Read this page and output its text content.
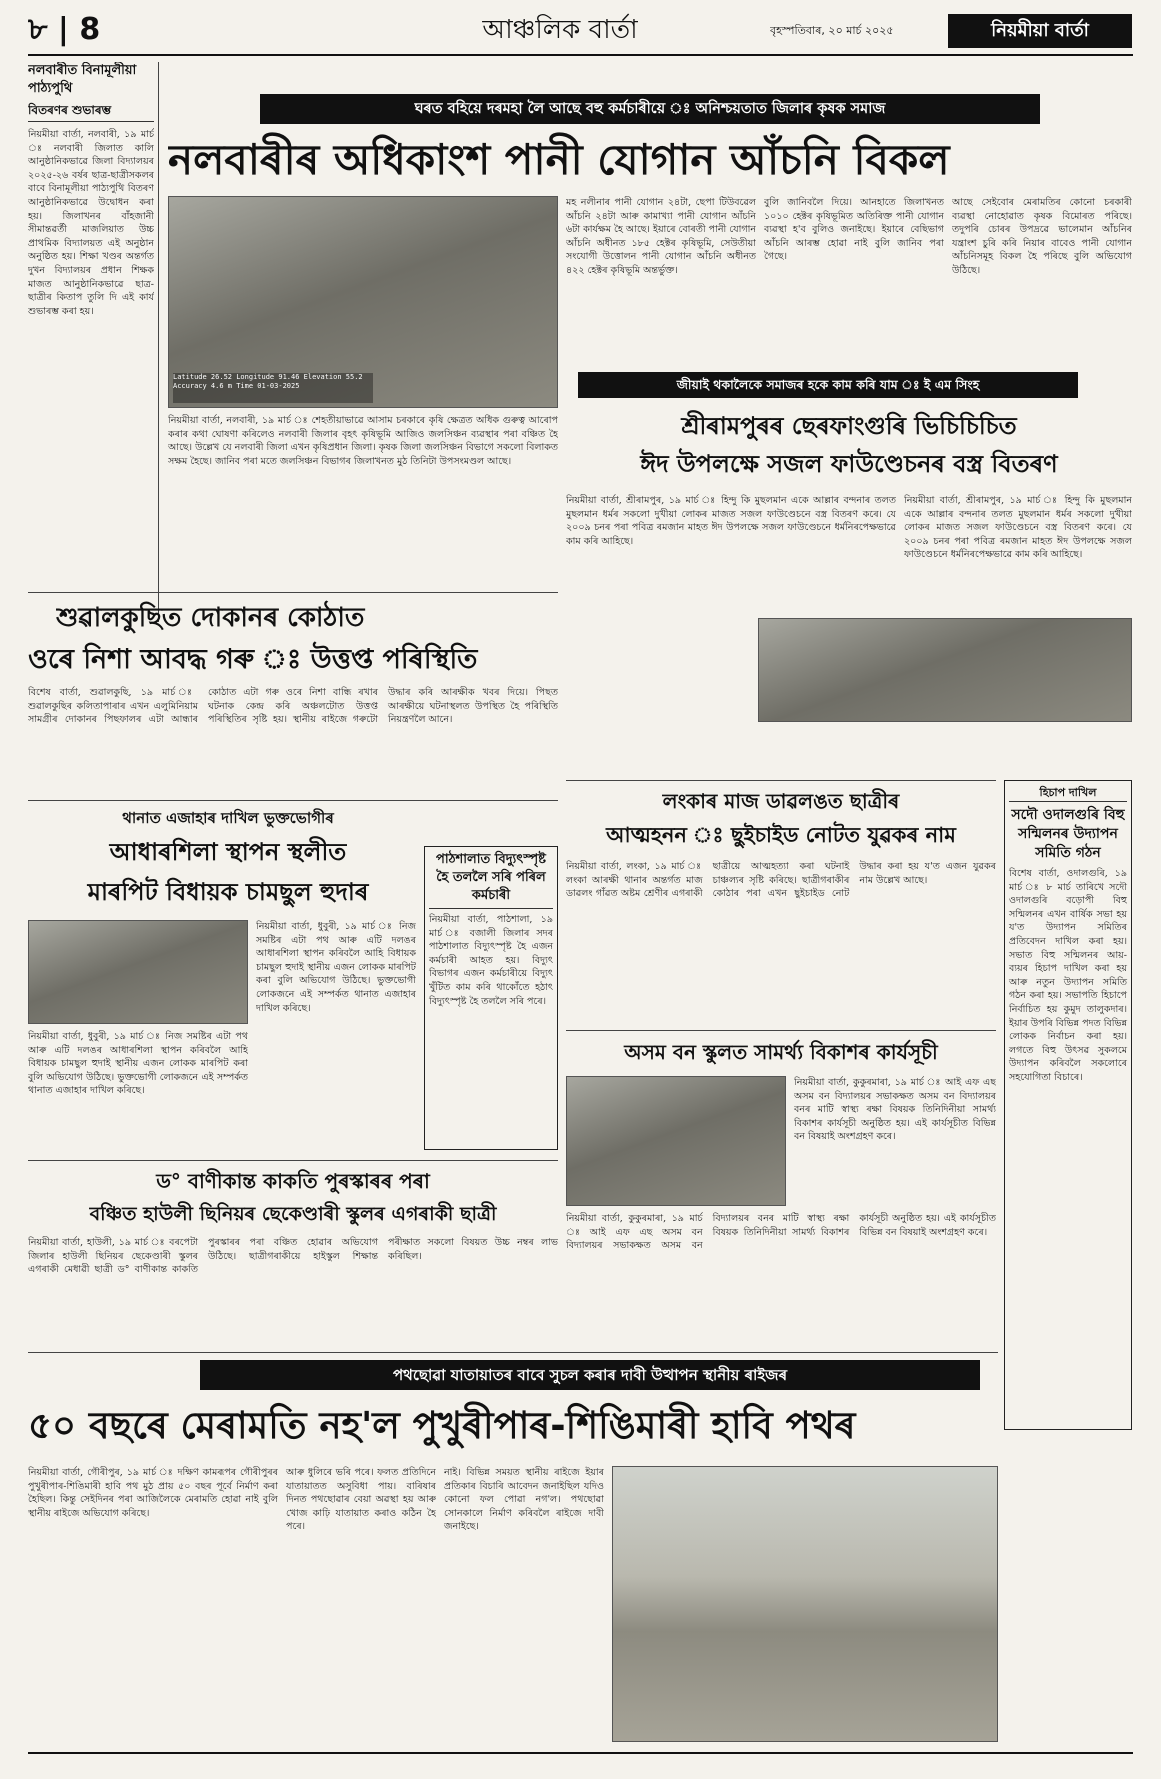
৮ | 8	আঞ্চলিক বাৰ্তা	বৃহস্পতিবাৰ, ২০ মাৰ্চ ২০২৫	নিয়মীয়া বাৰ্তা
ঘৰত বহিয়ে দৰমহা লৈ আছে বহু কৰ্মচাৰীয়ে ঃ অনিশ্চয়তাত জিলাৰ কৃষক সমাজ
নলবাৰীত বিনামূলীয়া পাঠ্যপুথি
বিতৰণৰ শুভাৰম্ভ
নিয়মীয়া বাৰ্তা, নলবাৰী, ১৯ মাৰ্চ ঃ নলবাৰী জিলাত কালি আনুষ্ঠানিকভাৱে জিলা বিদ্যালয়ৰ ২০২৫-২৬ বৰ্ষৰ ছাত্ৰ-ছাত্ৰীসকলৰ বাবে বিনামূলীয়া পাঠ্যপুথি বিতৰণ আনুষ্ঠানিকভাৱে উদ্বোধন কৰা হয়। জিলাখনৰ বাঁহজানী সীমান্তৱৰ্তী মাজলিয়াত উচ্চ প্ৰাথমিক বিদ্যালয়ত এই অনুষ্ঠান অনুষ্ঠিত হয়। শিক্ষা খণ্ডৰ অন্তৰ্গত দুখন বিদ্যালয়ৰ প্ৰধান শিক্ষক মাজত আনুষ্ঠানিকভাৱে ছাত্ৰ-ছাত্ৰীৰ কিতাপ তুলি দি এই কাৰ্য শুভাৰম্ভ কৰা হয়।
নলবাৰীৰ অধিকাংশ পানী যোগান আঁচনি বিকল
Latitude 26.52 Longitude 91.46 Elevation 55.2 Accuracy 4.6 m Time 01-03-2025
নিয়মীয়া বাৰ্তা, নলবাৰী, ১৯ মাৰ্চ ঃ শেহতীয়াভাৱে আসাম চৰকাৰে কৃষি ক্ষেত্ৰত অধিক গুৰুত্ব আৰোপ কৰাৰ কথা ঘোষণা কৰিলেও নলবাৰী জিলাৰ বৃহৎ কৃষিভূমি আজিও জলসিঞ্চন ব্যৱস্থাৰ পৰা বঞ্চিত হৈ আছে। উল্লেখ যে নলবাৰী জিলা এখন কৃষিপ্ৰধান জিলা। কৃষক জিলা জলসিঞ্চন বিভাগে সকলো বিলাকত সক্ষম হৈছে। জানিব পৰা মতে জলসিঞ্চন বিভাগৰ জিলাখনত মুঠ তিনিটা উপসংমণ্ডল আছে।
মহ নলীনাৰ পানী যোগান ২৪টা, ছেপা টিউবৱেল আঁচনি ২৪টা আৰু কামাখ্যা পানী যোগান আঁচনি ৬টা কাৰ্যক্ষম হৈ আছে। ইয়াৰে বোৰতী পানী যোগান আঁচনি অধীনত ১৮৫ হেক্টৰ কৃষিভূমি, সেউতীয়া সংযোগী উত্তোলন পানী যোগান আঁচনি অধীনত ৪২২ হেক্টৰ কৃষিভূমি অন্তৰ্ভুক্ত।
বুলি জানিবলৈ দিয়ে। আনহাতে জিলাখনত ১০১০ হেক্টৰ কৃষিভূমিত অতিৰিক্ত পানী যোগান ব্যৱস্থা হ'ব বুলিও জনাইছে। ইয়াৰে বেছিভাগ আঁচনি আৰম্ভ হোৱা নাই বুলি জানিব পৰা গৈছে।
আছে সেইবোৰ মেৰামতিৰ কোনো চৰকাৰী ব্যৱস্থা নোহোৱাত কৃষক বিমোৰত পৰিছে। তদুপৰি চোৰৰ উপদ্ৰৱে ভালেমান আঁচনিৰ যন্ত্ৰাংশ চুৰি কৰি নিয়াৰ বাবেও পানী যোগান আঁচনিসমূহ বিকল হৈ পৰিছে বুলি অভিযোগ উঠিছে।
জীয়াই থকালৈকে সমাজৰ হকে কাম কৰি যাম ঃ ই এম সিংহ
শ্ৰীৰামপুৰৰ ছেৰফাংগুৰি ভিচিচিচিত
ঈদ উপলক্ষে সজল ফাউণ্ডেচনৰ বস্ত্ৰ বিতৰণ
নিয়মীয়া বাৰ্তা, শ্ৰীৰামপুৰ, ১৯ মাৰ্চ ঃ হিন্দু কি মুছলমান একে আল্লাৰ বন্দনাৰ তলত মুছলমান ধৰ্মৰ সকলো দুখীয়া লোকৰ মাজত সজল ফাউণ্ডেচনে বস্ত্ৰ বিতৰণ কৰে। যে ২০০৯ চনৰ পৰা পবিত্ৰ ৰমজান মাহত ঈদ উপলক্ষে সজল ফাউণ্ডেচনে ধৰ্মনিৰপেক্ষভাৱে কাম কৰি আহিছে।
নিয়মীয়া বাৰ্তা, শ্ৰীৰামপুৰ, ১৯ মাৰ্চ ঃ হিন্দু কি মুছলমান একে আল্লাৰ বন্দনাৰ তলত মুছলমান ধৰ্মৰ সকলো দুখীয়া লোকৰ মাজত সজল ফাউণ্ডেচনে বস্ত্ৰ বিতৰণ কৰে। যে ২০০৯ চনৰ পৰা পবিত্ৰ ৰমজান মাহত ঈদ উপলক্ষে সজল ফাউণ্ডেচনে ধৰ্মনিৰপেক্ষভাৱে কাম কৰি আহিছে।
শুৱালকুছিত দোকানৰ কোঠাত
ওৰে নিশা আবদ্ধ গৰু ঃ উত্তপ্ত পৰিস্থিতি
বিশেষ বাৰ্তা, শুৱালকুছি, ১৯ মাৰ্চ ঃ শুৱালকুছিৰ কলিতাপাৰাৰ এখন এলুমিনিয়াম সামগ্ৰীৰ দোকানৰ পিছফালৰ এটা আন্ধাৰ কোঠাত এটা গৰু ওৰে নিশা বান্ধি ৰখাৰ ঘটনাক কেন্দ্ৰ কৰি অঞ্চলটোত উত্তপ্ত পৰিস্থিতিৰ সৃষ্টি হয়। স্থানীয় ৰাইজে গৰুটো উদ্ধাৰ কৰি আৰক্ষীক খবৰ দিয়ে। পিছত আৰক্ষীয়ে ঘটনাস্থলত উপস্থিত হৈ পৰিস্থিতি নিয়ন্ত্ৰণলৈ আনে।
লংকাৰ মাজ ডাৱলঙত ছাত্ৰীৰ
আত্মহনন ঃ ছুইচাইড নোটত যুৱকৰ নাম
নিয়মীয়া বাৰ্তা, লংকা, ১৯ মাৰ্চ ঃ লংকা আৰক্ষী থানাৰ অন্তৰ্গত মাজ ডাৱলং গাঁৱত অষ্টম শ্ৰেণীৰ এগৰাকী ছাত্ৰীয়ে আত্মহত্যা কৰা ঘটনাই চাঞ্চল্যৰ সৃষ্টি কৰিছে। ছাত্ৰীগৰাকীৰ কোঠাৰ পৰা এখন ছুইচাইড নোট উদ্ধাৰ কৰা হয় য'ত এজন যুৱকৰ নাম উল্লেখ আছে।
হিচাপ দাখিল
সদৌ ওদালগুৰি বিহু সন্মিলনৰ উদ্যাপন সমিতি গঠন
বিশেষ বাৰ্তা, ওদালগুৰি, ১৯ মাৰ্চ ঃ ৮ মাৰ্চ তাৰিখে সদৌ ওদালগুৰি বড়োপী বিহু সন্মিলনৰ এখন বাৰ্ষিক সভা হয় য'ত উদ্যাপন সমিতিৰ প্ৰতিবেদন দাখিল কৰা হয়। সভাত বিহু সন্মিলনৰ আয়-ব্যয়ৰ হিচাপ দাখিল কৰা হয় আৰু নতুন উদ্যাপন সমিতি গঠন কৰা হয়। সভাপতি হিচাপে নিৰ্বাচিত হয় কুমুদ তালুকদাৰ। ইয়াৰ উপৰি বিভিন্ন পদত বিভিন্ন লোকক নিৰ্বাচন কৰা হয়। লগতে বিহু উৎসৱ সুকলমে উদ্যাপন কৰিবলৈ সকলোৰে সহযোগিতা বিচাৰে।
থানাত এজাহাৰ দাখিল ভুক্তভোগীৰ
আধাৰশিলা স্থাপন স্থলীত
মাৰপিট বিধায়ক চামছুল হুদাৰ
নিয়মীয়া বাৰ্তা, ধুবুৰী, ১৯ মাৰ্চ ঃ নিজ সমষ্টিৰ এটা পথ আৰু এটি দলঙৰ আধাৰশিলা স্থাপন কৰিবলৈ আহি বিধায়ক চামছুল হুদাই স্থানীয় এজন লোকক মাৰপিট কৰা বুলি অভিযোগ উঠিছে। ভুক্তভোগী লোকজনে এই সম্পৰ্কত থানাত এজাহাৰ দাখিল কৰিছে।
নিয়মীয়া বাৰ্তা, ধুবুৰী, ১৯ মাৰ্চ ঃ নিজ সমষ্টিৰ এটা পথ আৰু এটি দলঙৰ আধাৰশিলা স্থাপন কৰিবলৈ আহি বিধায়ক চামছুল হুদাই স্থানীয় এজন লোকক মাৰপিট কৰা বুলি অভিযোগ উঠিছে। ভুক্তভোগী লোকজনে এই সম্পৰ্কত থানাত এজাহাৰ দাখিল কৰিছে।
পাঠশালাত বিদ্যুৎস্পৃষ্ট হৈ তললৈ সৰি পৰিল কৰ্মচাৰী
নিয়মীয়া বাৰ্তা, পাঠশালা, ১৯ মাৰ্চ ঃ বজালী জিলাৰ সদৰ পাঠশালাত বিদ্যুৎস্পৃষ্ট হৈ এজন কৰ্মচাৰী আহত হয়। বিদ্যুৎ বিভাগৰ এজন কৰ্মচাৰীয়ে বিদ্যুৎ খুঁটিত কাম কৰি থাকোঁতে হঠাৎ বিদ্যুৎস্পৃষ্ট হৈ তললৈ সৰি পৰে।
অসম বন স্কুলত সামৰ্থ্য বিকাশৰ কাৰ্যসূচী
নিয়মীয়া বাৰ্তা, কুকুৰমাৰা, ১৯ মাৰ্চ ঃ আই এফ এছ অসম বন বিদ্যালয়ৰ সভাকক্ষত অসম বন বিদ্যালয়ৰ বনৰ মাটি স্বাস্থ্য ৰক্ষা বিষয়ক তিনিদিনীয়া সামৰ্থ্য বিকাশৰ কাৰ্যসূচী অনুষ্ঠিত হয়। এই কাৰ্যসূচীত বিভিন্ন বন বিষয়াই অংশগ্ৰহণ কৰে।
নিয়মীয়া বাৰ্তা, কুকুৰমাৰা, ১৯ মাৰ্চ ঃ আই এফ এছ অসম বন বিদ্যালয়ৰ সভাকক্ষত অসম বন বিদ্যালয়ৰ বনৰ মাটি স্বাস্থ্য ৰক্ষা বিষয়ক তিনিদিনীয়া সামৰ্থ্য বিকাশৰ কাৰ্যসূচী অনুষ্ঠিত হয়। এই কাৰ্যসূচীত বিভিন্ন বন বিষয়াই অংশগ্ৰহণ কৰে।
ড° বাণীকান্ত কাকতি পুৰস্কাৰৰ পৰা
বঞ্চিত হাউলী ছিনিয়ৰ ছেকেণ্ডাৰী স্কুলৰ এগৰাকী ছাত্ৰী
নিয়মীয়া বাৰ্তা, হাউলী, ১৯ মাৰ্চ ঃ বৰপেটা জিলাৰ হাউলী ছিনিয়ৰ ছেকেণ্ডাৰী স্কুলৰ এগৰাকী মেধাৱী ছাত্ৰী ড° বাণীকান্ত কাকতি পুৰস্কাৰৰ পৰা বঞ্চিত হোৱাৰ অভিযোগ উঠিছে। ছাত্ৰীগৰাকীয়ে হাইস্কুল শিক্ষান্ত পৰীক্ষাত সকলো বিষয়ত উচ্চ নম্বৰ লাভ কৰিছিল।
পথছোৱা যাতায়াতৰ বাবে সুচল কৰাৰ দাবী উত্থাপন স্থানীয় ৰাইজৰ
৫০ বছৰে মেৰামতি নহ'ল পুখুৰীপাৰ-শিঙিমাৰী হাবি পথৰ
নিয়মীয়া বাৰ্তা, গৌৰীপুৰ, ১৯ মাৰ্চ ঃ দক্ষিণ কামৰূপৰ গৌৰীপুৰৰ পুখুৰীপাৰ-শিঙিমাৰী হাবি পথ মুঠ প্ৰায় ৫০ বছৰ পূৰ্বে নিৰ্মাণ কৰা হৈছিল। কিন্তু সেইদিনৰ পৰা আজিলৈকে মেৰামতি হোৱা নাই বুলি স্থানীয় ৰাইজে অভিযোগ কৰিছে।
আৰু ধুলিৰে ভৰি পৰে। ফলত প্ৰতিদিনে যাতায়াতত অসুবিধা পায়। বাৰিষাৰ দিনত পথছোৱাৰ বেয়া অৱস্থা হয় আৰু খোজ কাঢ়ি যাতায়াত কৰাও কঠিন হৈ পৰে।
নাই। বিভিন্ন সময়ত স্থানীয় ৰাইজে ইয়াৰ প্ৰতিকাৰ বিচাৰি আবেদন জনাইছিল যদিও কোনো ফল পোৱা নগ'ল। পথছোৱা সোনকালে নিৰ্মাণ কৰিবলৈ ৰাইজে দাবী জনাইছে।
